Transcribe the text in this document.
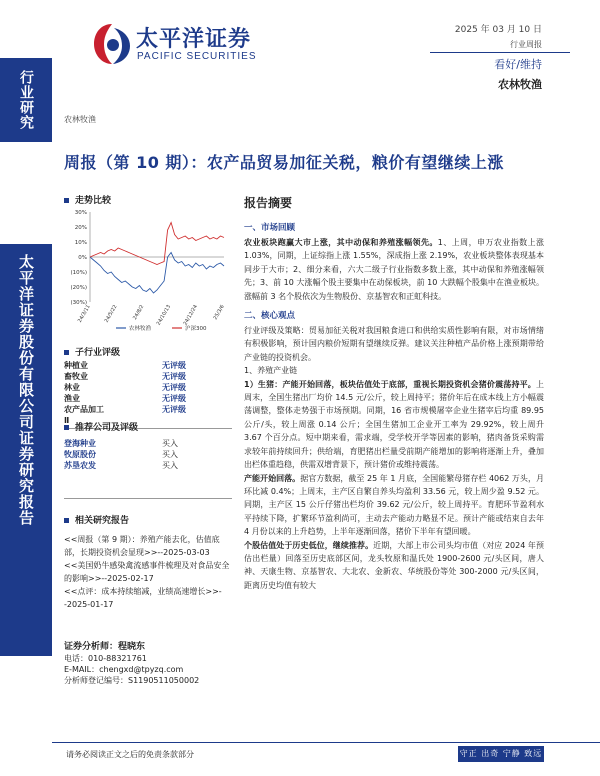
行业研究
太平洋证券股份有限公司证券研究报告
太平洋证券
PACIFIC SECURITIES
2025 年 03 月 10 日
行业周报
看好/维持
农林牧渔
农林牧渔
周报（第 10 期）：农产品贸易加征关税，粮价有望继续上涨
走势比较
30%
20%
10%
0%
(10%)
(20%)
(30%)
24/3/11 24/5/22	24/8/2 24/10/13 24/12/24	25/3/6
农林牧渔	沪深300
子行业评级
种植业	无评级
畜牧业	无评级
林业	无评级
渔业	无评级
农产品加工	无评级
Ⅱ
推荐公司及评级
登海种业	买入
牧原股份	买入
苏垦农发	买入
相关研究报告

<<周报（第 9 期）：养殖产能去化，估值底部，长期投资机会显现>>--2025-03-03

<<美国奶牛感染禽流感事件梳理及对食品安全的影响>>--2025-02-17

<<点评：成本持续缩减，业绩高速增长>>--2025-01-17

证券分析师：程晓东
电话：010-88321761
E-MAIL：chengxd@tpyzq.com
分析师登记编号：S1190511050002
报告摘要
一、市场回顾
农业板块跑赢大市上涨，其中动保和养殖涨幅领先。1、上周，申万农业指数上涨 1.03%，同期，上证综指上涨 1.55%，深成指上涨 2.19%，农业板块整体表现基本同步于大市；2、细分来看，六大二级子行业指数多数上涨，其中动保和养殖涨幅领先；3、前 10 大涨幅个股主要集中在动保板块，前 10 大跌幅个股集中在渔业板块。涨幅前 3 名个股依次为生物股份、京基智农和正虹科技。
二、核心观点
行业评级及策略：贸易加征关税对我国粮食进口和供给实质性影响有限，对市场情绪有积极影响，预计国内粮价短期有望继续反弹。建议关注种植产品价格上涨预期带给产业链的投资机会。
1、养殖产业链
1）生猪：产能开始回落，板块估值处于底部，重视长期投资机会猪价震荡持平。上周末，全国生猪出厂均价 14.5 元/公斤，较上周持平；猪价年后在成本线上方小幅震荡调整，整体走势强于市场预期。同期，16 省市规模屠宰企业生猪宰后均重 89.95 公斤/头，较上周涨 0.14 公斤；全国生猪加工企业开工率为 29.92%，较上周升 3.67 个百分点。短中期来看，需求端，受学校开学等因素的影响，猪肉备货采购需求较年前持续回升；供给端，育肥猪出栏量受前期产能增加的影响将逐渐上升，叠加出栏体重趋稳，供需双增背景下，预计猪价或维持震荡。
产能开始回落。据官方数据，截至 25 年 1 月底，全国能繁母猪存栏 4062 万头，月环比减 0.4%；上周末，主产区自繁自养头均盈利 33.56 元，较上周少盈 9.52 元。同期，主产区 15 公斤仔猪出栏均价 39.62 元/公斤，较上周持平。育肥环节盈利水平持续下降，扩繁环节盈利尚可，主动去产能动力略显不足。预计产能或结束自去年 4 月份以来的上升趋势，上半年逐渐回落，猪价下半年有望回暖。
个股估值处于历史低位，继续推荐。近期，大部上市公司头均市值（对应 2024 年预估出栏量）回落至历史底部区间，龙头牧原和温氏处 1900-2600 元/头区间，唐人神、天康生物、京基智农、大北农、金新农、华统股份等处 300-2000 元/头区间，距离历史均值有较大
请务必阅读正文之后的免责条款部分	守正 出奇 宁静 致远
